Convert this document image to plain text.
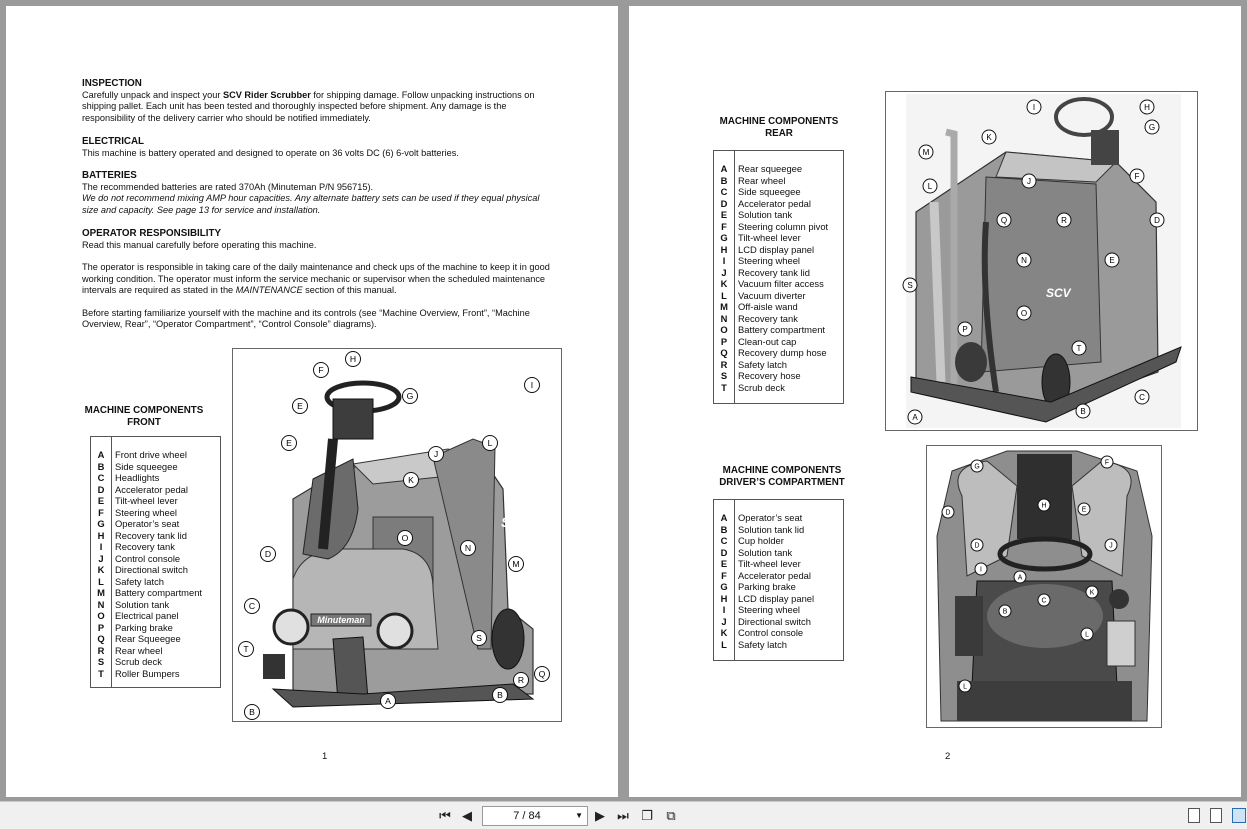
INSPECTION
Carefully unpack and inspect your SCV Rider Scrubber for shipping damage. Follow unpacking instructions on shipping pallet. Each unit has been tested and thoroughly inspected before shipment. Any damage is the responsibility of the delivery carrier who should be notified immediately.
ELECTRICAL
This machine is battery operated and designed to operate on 36 volts DC (6) 6-volt batteries.
BATTERIES
The recommended batteries are rated 370Ah (Minuteman P/N 956715).
We do not recommend mixing AMP hour capacities. Any alternate battery sets can be used if they equal physical size and capacity. See page 13 for service and installation.
OPERATOR RESPONSIBILITY
Read this manual carefully before operating this machine.
The operator is responsible in taking care of the daily maintenance and check ups of the machine to keep it in good working condition. The operator must inform the service mechanic or supervisor when the scheduled maintenance intervals are required as stated in the MAINTENANCE section of this manual.
Before starting familiarize yourself with the machine and its controls (see “Machine Overview, Front”, “Machine Overview, Rear”, “Operator Compartment”, “Control Console” diagrams).
MACHINE COMPONENTS
FRONT
A	Front drive wheel
B	Side squeegee
C	Headlights
D	Accelerator pedal
E	Tilt-wheel lever
F	Steering wheel
G	Operator’s seat
H	Recovery tank lid
I	Recovery tank
J	Control console
K	Directional switch
L	Safety latch
M	Battery compartment
N	Solution tank
O	Electrical panel
P	Parking brake
Q	Rear Squeegee
R	Rear wheel
S	Scrub deck
T	Roller Bumpers
Minuteman
SCV
H
F
I
E
G
E	L
J
K
D
O
N
M
C
S
T
R
Q
B
A
B
1
MACHINE COMPONENTS
REAR
A	Rear squeegee
B	Rear wheel
C	Side squeegee
D	Accelerator pedal
E	Solution tank
F	Steering column pivot
G	Tilt-wheel lever
H	LCD display panel
I	Steering wheel
J	Recovery tank lid
K	Vacuum filter access
L	Vacuum diverter
M	Off-aisle wand
N	Recovery tank
O	Battery compartment
P	Clean-out cap
Q	Recovery dump hose
R	Safety latch
S	Recovery hose
T	Scrub deck
SCV
I	H
G
K
M
L
J
F
Q	R	D
N	E
S
O
P
T
A
B
C
MACHINE COMPONENTS
DRIVER’S COMPARTMENT
A	Operator’s seat
B	Solution tank lid
C	Cup holder
D	Solution tank
E	Tilt-wheel lever
F	Accelerator pedal
G	Parking brake
H	LCD display panel
I	Steering wheel
J	Directional switch
K	Control console
L	Safety latch
G
F
H
E
D
D	J
I
A
C
K
B
L
L
2
⏮ ◀	7 / 84	▼ ▶ ⏭ ❐	⧉
